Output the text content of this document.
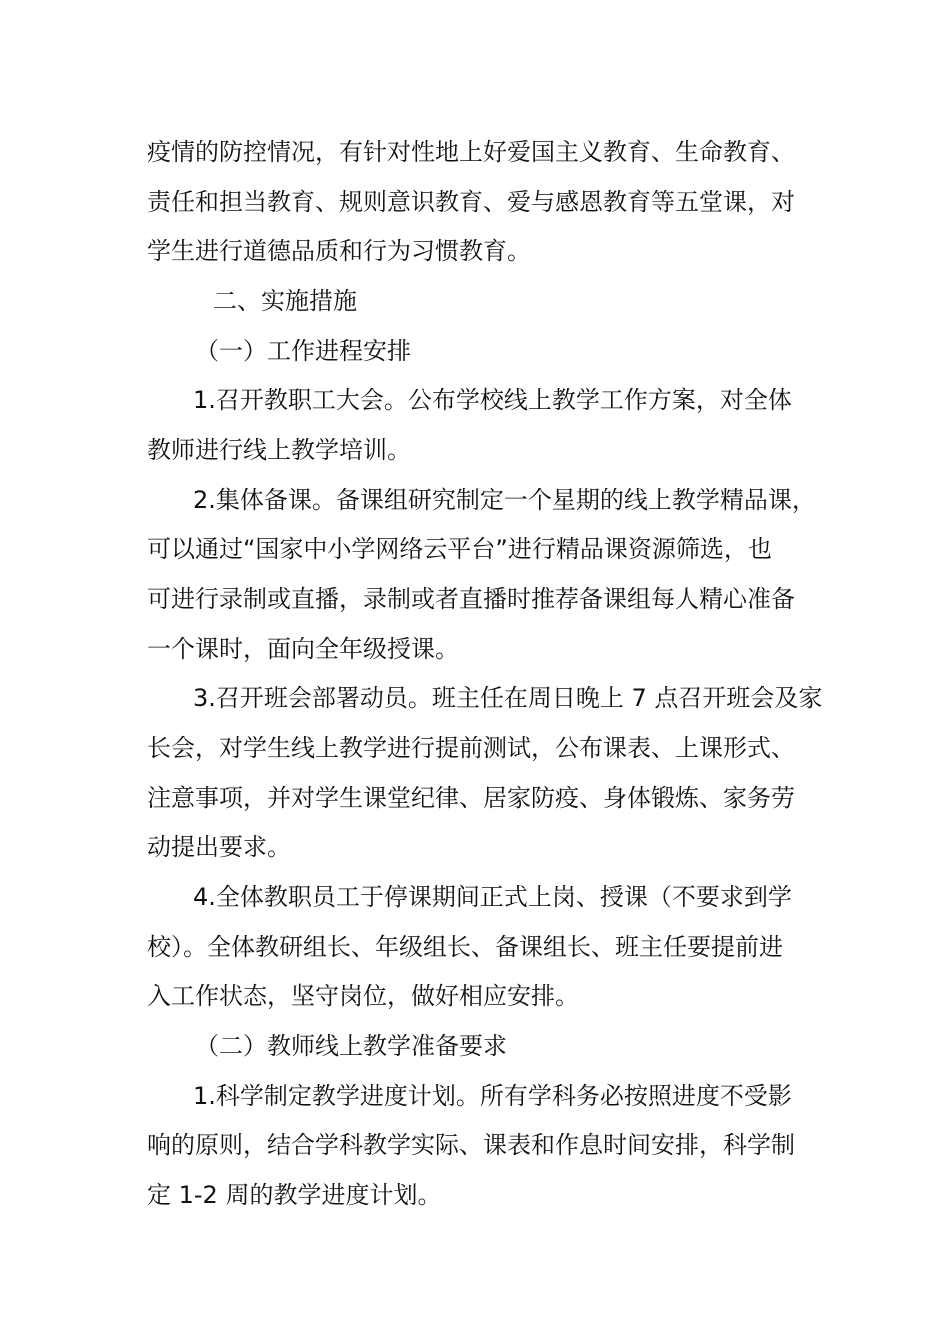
疫情的防控情况，有针对性地上好爱国主义教育、生命教育、
责任和担当教育、规则意识教育、爱与感恩教育等五堂课，对
学生进行道德品质和行为习惯教育。
二、实施措施
（一）工作进程安排
1.召开教职工大会。公布学校线上教学工作方案，对全体
教师进行线上教学培训。
2.集体备课。备课组研究制定一个星期的线上教学精品课，
可以通过“国家中小学网络云平台”进行精品课资源筛选，也
可进行录制或直播，录制或者直播时推荐备课组每人精心准备
一个课时，面向全年级授课。
3.召开班会部署动员。班主任在周日晚上 7 点召开班会及家
长会，对学生线上教学进行提前测试，公布课表、上课形式、
注意事项，并对学生课堂纪律、居家防疫、身体锻炼、家务劳
动提出要求。
4.全体教职员工于停课期间正式上岗、授课（不要求到学
校）。全体教研组长、年级组长、备课组长、班主任要提前进
入工作状态，坚守岗位，做好相应安排。
（二）教师线上教学准备要求
1.科学制定教学进度计划。所有学科务必按照进度不受影
响的原则，结合学科教学实际、课表和作息时间安排，科学制
定 1-2 周的教学进度计划。
